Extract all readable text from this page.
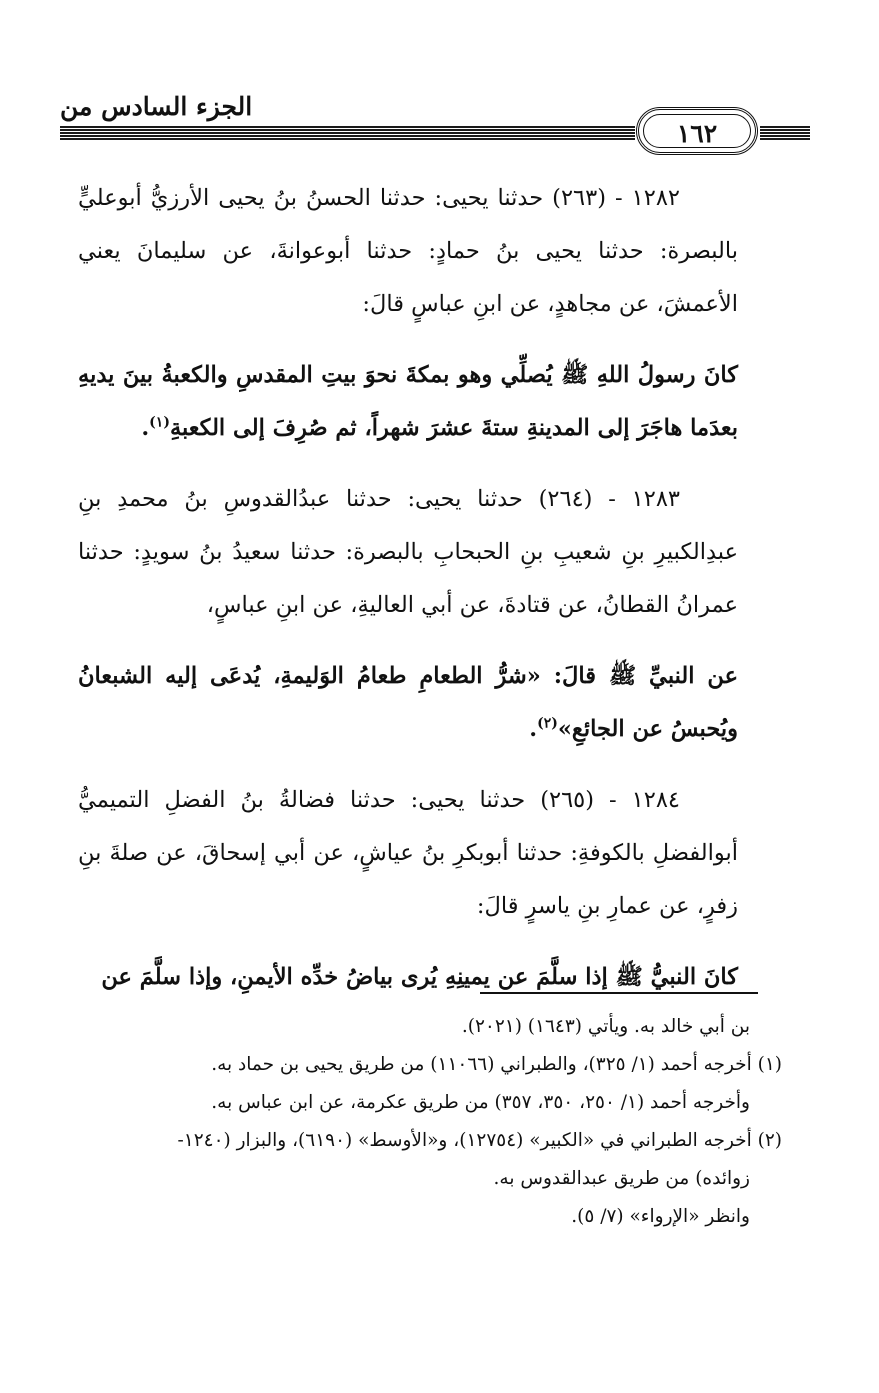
الجزء السادس من
١٦٢

١٢٨٢ - (٢٦٣) حدثنا يحيى: حدثنا الحسنُ بنُ يحيى الأرزيُّ أبوعليٍّ بالبصرة: حدثنا يحيى بنُ حمادٍ: حدثنا أبوعوانةَ، عن سليمانَ يعني الأعمشَ، عن مجاهدٍ، عن ابنِ عباسٍ قالَ:

كانَ رسولُ اللهِ ﷺ يُصلِّي وهو بمكةَ نحوَ بيتِ المقدسِ والكعبةُ بينَ يديهِ بعدَما هاجَرَ إلى المدينةِ ستةَ عشرَ شهراً، ثم صُرِفَ إلى الكعبةِ$^{(١)}$.

١٢٨٣ - (٢٦٤) حدثنا يحيى: حدثنا عبدُالقدوسِ بنُ محمدِ بنِ عبدِالكبيرِ بنِ شعيبِ بنِ الحبحابِ بالبصرة: حدثنا سعيدُ بنُ سويدٍ: حدثنا عمرانُ القطانُ، عن قتادةَ، عن أبي العاليةِ، عن ابنِ عباسٍ،

عن النبيِّ ﷺ قالَ: «شرُّ الطعامِ طعامُ الوَليمةِ، يُدعَى إليه الشبعانُ ويُحبسُ عن الجائعِ»$^{(٢)}$.

١٢٨٤ - (٢٦٥) حدثنا يحيى: حدثنا فضالةُ بنُ الفضلِ التميميُّ أبوالفضلِ بالكوفةِ: حدثنا أبوبكرِ بنُ عياشٍ، عن أبي إسحاقَ، عن صلةَ بنِ زفرٍ، عن عمارِ بنِ ياسرٍ قالَ:

كانَ النبيُّ ﷺ إذا سلَّمَ عن يمينِهِ يُرى بياضُ خدِّه الأيمنِ، وإذا سلَّمَ عن

بن أبي خالد به. ويأتي (١٦٤٣) (٢٠٢١).

(١) أخرجه أحمد (١/ ٣٢٥)، والطبراني (١١٠٦٦) من طريق يحيى بن حماد به.

وأخرجه أحمد (١/ ٢٥٠، ٣٥٠، ٣٥٧) من طريق عكرمة، عن ابن عباس به.

(٢) أخرجه الطبراني في «الكبير» (١٢٧٥٤)، و«الأوسط» (٦١٩٠)، والبزار (١٢٤٠-

زوائده) من طريق عبدالقدوس به.

وانظر «الإرواء» (٧/ ٥).
